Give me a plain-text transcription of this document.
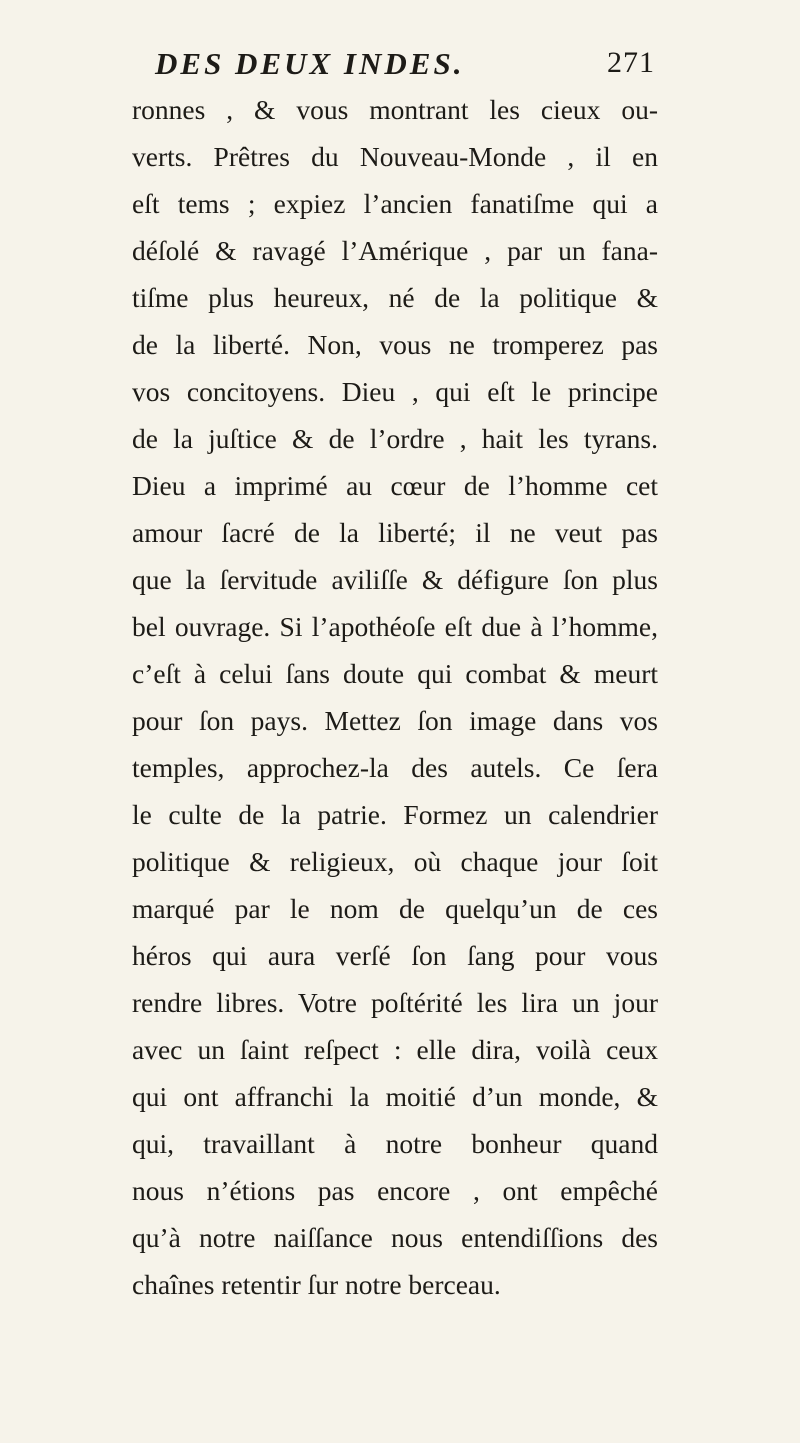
DES DEUX INDES.	271
ronnes , & vous montrant les cieux ou-
verts. Prêtres du Nouveau-Monde , il en
eſt tems ; expiez l’ancien fanatiſme qui a
déſolé & ravagé l’Amérique , par un fana-
tiſme plus heureux, né de la politique &
de la liberté. Non, vous ne tromperez pas
vos concitoyens. Dieu , qui eſt le principe
de la juſtice & de l’ordre , hait les tyrans.
Dieu a imprimé au cœur de l’homme cet
amour ſacré de la liberté; il ne veut pas
que la ſervitude aviliſſe & défigure ſon plus
bel ouvrage. Si l’apothéoſe eſt due à l’homme,
c’eſt à celui ſans doute qui combat & meurt
pour ſon pays. Mettez ſon image dans vos
temples, approchez-la des autels. Ce ſera
le culte de la patrie. Formez un calendrier
politique & religieux, où chaque jour ſoit
marqué par le nom de quelqu’un de ces
héros qui aura verſé ſon ſang pour vous
rendre libres. Votre poſtérité les lira un jour
avec un ſaint reſpect : elle dira, voilà ceux
qui ont affranchi la moitié d’un monde, &
qui, travaillant à notre bonheur quand
nous n’étions pas encore , ont empêché
qu’à notre naiſſance nous entendiſſions des
chaînes retentir ſur notre berceau.
